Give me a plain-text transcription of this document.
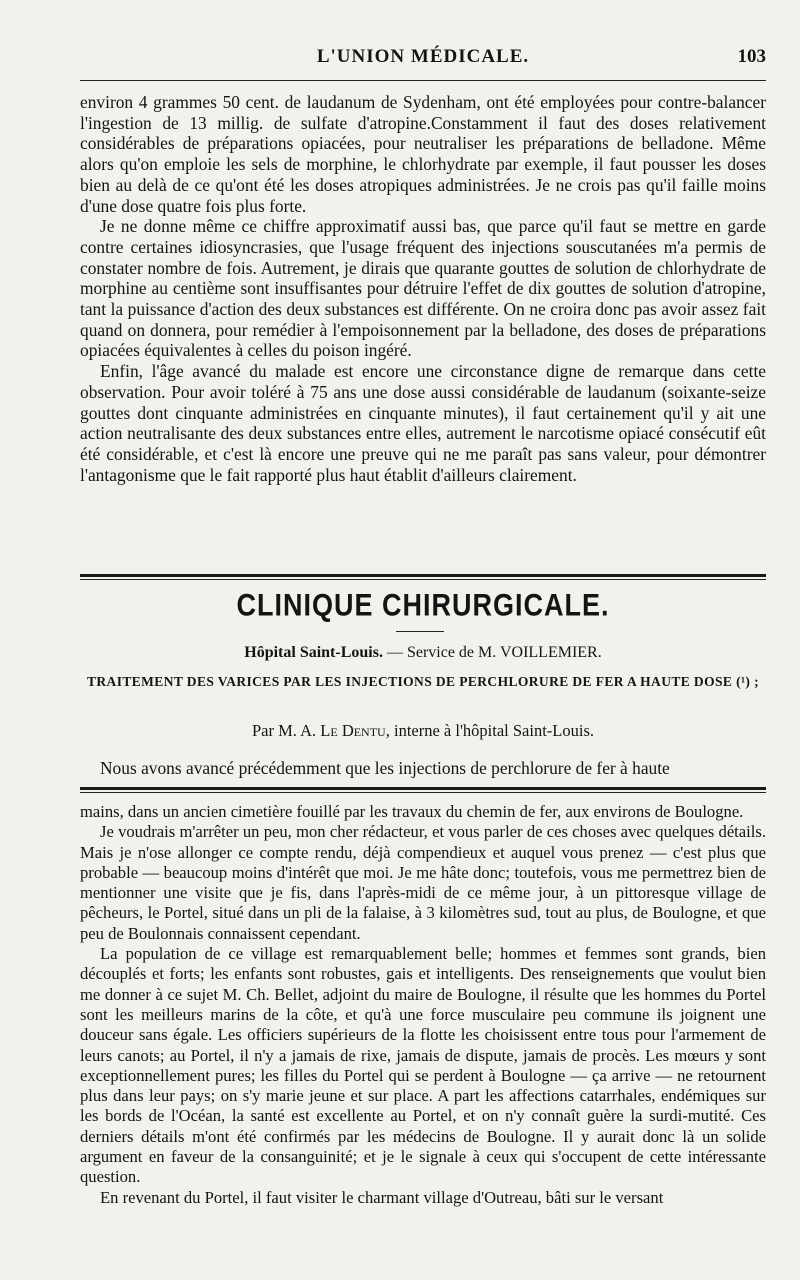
L'UNION MÉDICALE.	103

environ 4 grammes 50 cent. de laudanum de Sydenham, ont été employées pour contre-balancer l'ingestion de 13 millig. de sulfate d'atropine.Constamment il faut des doses relativement considérables de préparations opiacées, pour neutraliser les préparations de belladone. Même alors qu'on emploie les sels de morphine, le chlorhydrate par exemple, il faut pousser les doses bien au delà de ce qu'ont été les doses atropiques administrées. Je ne crois pas qu'il faille moins d'une dose quatre fois plus forte.

Je ne donne même ce chiffre approximatif aussi bas, que parce qu'il faut se mettre en garde contre certaines idiosyncrasies, que l'usage fréquent des injections souscutanées m'a permis de constater nombre de fois. Autrement, je dirais que quarante gouttes de solution de chlorhydrate de morphine au centième sont insuffisantes pour détruire l'effet de dix gouttes de solution d'atropine, tant la puissance d'action des deux substances est différente. On ne croira donc pas avoir assez fait quand on donnera, pour remédier à l'empoisonnement par la belladone, des doses de préparations opiacées équivalentes à celles du poison ingéré.

Enfin, l'âge avancé du malade est encore une circonstance digne de remarque dans cette observation. Pour avoir toléré à 75 ans une dose aussi considérable de laudanum (soixante-seize gouttes dont cinquante administrées en cinquante minutes), il faut certainement qu'il y ait une action neutralisante des deux substances entre elles, autrement le narcotisme opiacé consécutif eût été considérable, et c'est là encore une preuve qui ne me paraît pas sans valeur, pour démontrer l'antagonisme que le fait rapporté plus haut établit d'ailleurs clairement.

CLINIQUE CHIRURGICALE.
Hôpital Saint-Louis. — Service de M. VOILLEMIER.
TRAITEMENT DES VARICES PAR LES INJECTIONS DE PERCHLORURE DE FER A HAUTE DOSE (¹) ;
Par M. A. Le Dentu, interne à l'hôpital Saint-Louis.
Nous avons avancé précédemment que les injections de perchlorure de fer à haute

mains, dans un ancien cimetière fouillé par les travaux du chemin de fer, aux environs de Boulogne.

Je voudrais m'arrêter un peu, mon cher rédacteur, et vous parler de ces choses avec quelques détails. Mais je n'ose allonger ce compte rendu, déjà compendieux et auquel vous prenez — c'est plus que probable — beaucoup moins d'intérêt que moi. Je me hâte donc; toutefois, vous me permettrez bien de mentionner une visite que je fis, dans l'après-midi de ce même jour, à un pittoresque village de pêcheurs, le Portel, situé dans un pli de la falaise, à 3 kilomètres sud, tout au plus, de Boulogne, et que peu de Boulonnais connaissent cependant.

La population de ce village est remarquablement belle; hommes et femmes sont grands, bien découplés et forts; les enfants sont robustes, gais et intelligents. Des renseignements que voulut bien me donner à ce sujet M. Ch. Bellet, adjoint du maire de Boulogne, il résulte que les hommes du Portel sont les meilleurs marins de la côte, et qu'à une force musculaire peu commune ils joignent une douceur sans égale. Les officiers supérieurs de la flotte les choisissent entre tous pour l'armement de leurs canots; au Portel, il n'y a jamais de rixe, jamais de dispute, jamais de procès. Les mœurs y sont exceptionnellement pures; les filles du Portel qui se perdent à Boulogne — ça arrive — ne retournent plus dans leur pays; on s'y marie jeune et sur place. A part les affections catarrhales, endémiques sur les bords de l'Océan, la santé est excellente au Portel, et on n'y connaît guère la surdi-mutité. Ces derniers détails m'ont été confirmés par les médecins de Boulogne. Il y aurait donc là un solide argument en faveur de la consanguinité; et je le signale à ceux qui s'occupent de cette intéressante question.

En revenant du Portel, il faut visiter le charmant village d'Outreau, bâti sur le versant
